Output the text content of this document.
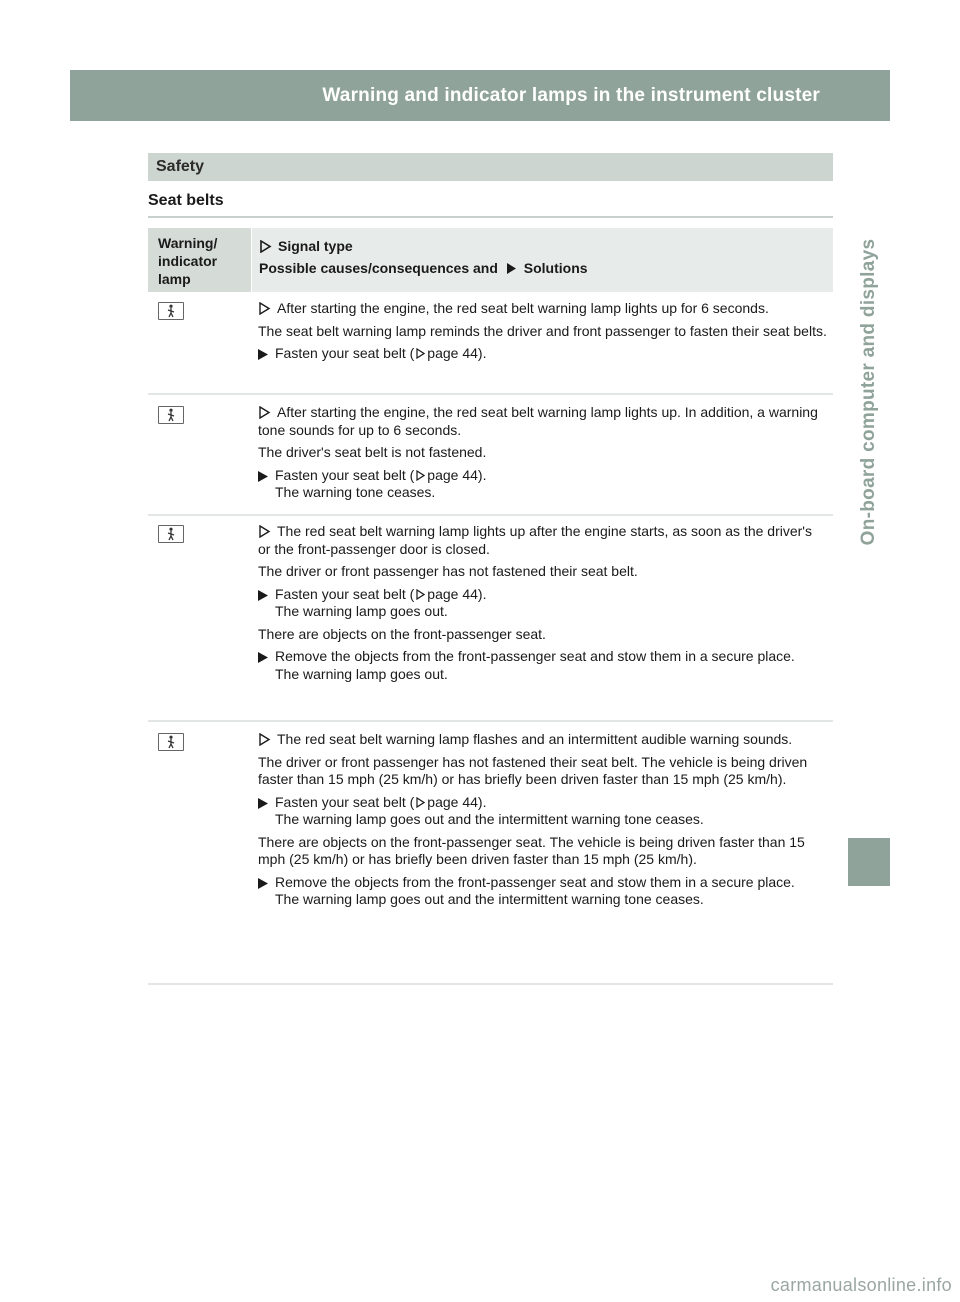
Warning and indicator lamps in the instrument cluster	275
On-board computer and displays
Safety
Seat belts
Warning/
indicator
lamp
Signal type
Possible causes/consequences and Solutions

After starting the engine, the red seat belt warning lamp lights up for 6 seconds.

The seat belt warning lamp reminds the driver and front passenger to fasten their seat belts.

Fasten your seat belt ( page 44).

After starting the engine, the red seat belt warning lamp lights up. In addition, a warning tone sounds for up to 6 seconds.

The driver's seat belt is not fastened.

Fasten your seat belt ( page 44).
The warning tone ceases.

The red seat belt warning lamp lights up after the engine starts, as soon as the driver's or the front-passenger door is closed.

The driver or front passenger has not fastened their seat belt.

Fasten your seat belt ( page 44).
The warning lamp goes out.

There are objects on the front-passenger seat.

Remove the objects from the front-passenger seat and stow them in a secure place.
The warning lamp goes out.

The red seat belt warning lamp flashes and an intermittent audible warning sounds.

The driver or front passenger has not fastened their seat belt. The vehicle is being driven faster than 15 mph (25 km/h) or has briefly been driven faster than 15 mph (25 km/h).

Fasten your seat belt ( page 44).
The warning lamp goes out and the intermittent warning tone ceases.

There are objects on the front-passenger seat. The vehicle is being driven faster than 15 mph (25 km/h) or has briefly been driven faster than 15 mph (25 km/h).

Remove the objects from the front-passenger seat and stow them in a secure place.
The warning lamp goes out and the intermittent warning tone ceases.
carmanualsonline.info
